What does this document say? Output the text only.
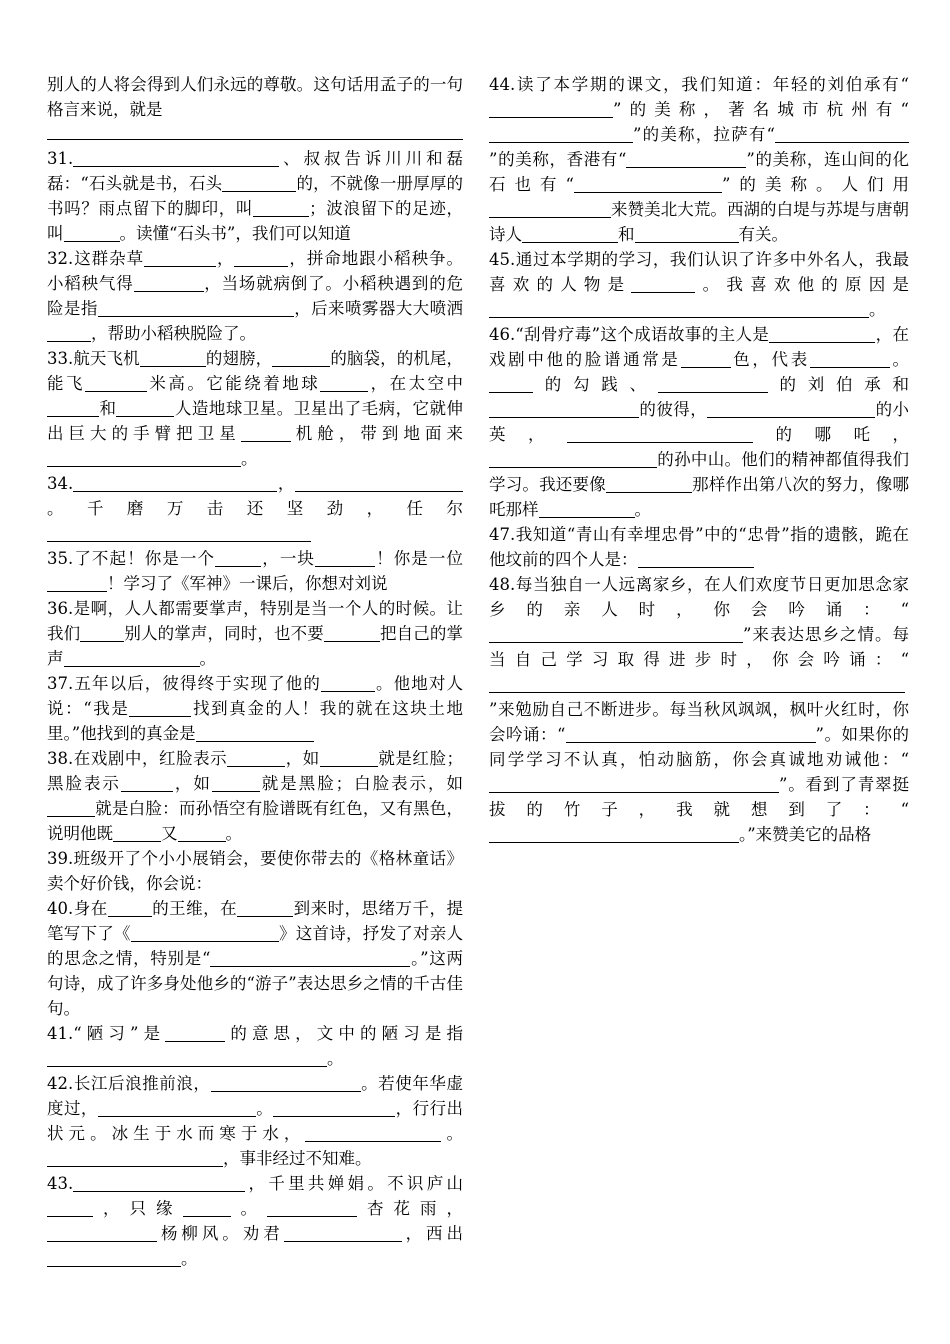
别人的人将会得到人们永远的尊敬。这句话用孟子的一句格言来说，就是

31.	、叔叔告诉川川和磊磊：“石头就是书，石头	的，不就像一册厚厚的书吗？雨点留下的脚印，叫	；波浪留下的足迹，叫	。读懂“石头书”，我们可以知道

32.这群杂草	，	，拼命地跟小稻秧争。小稻秧气得	，当场就病倒了。小稻秧遇到的危险是指	，后来喷雾器大大喷洒，帮助小稻秧脱险了。

33.航天飞机	的翅膀，	的脑袋，的机尾，能飞	米高。它能绕着地球	，在太空中和	人造地球卫星。卫星出了毛病，它就伸出巨大的手臂把卫星	机舱，带到地面来。

34.	，。千磨万击还坚劲，任尔

35.了不起！你是一个	，一块	！你是一位！学习了《军神》一课后，你想对刘说

36.是啊，人人都需要掌声，特别是当一个人的时候。让我们	别人的掌声，同时，也不要	把自己的掌声	。

37.五年以后，彼得终于实现了他的	。他地对人说：“我是	找到真金的人！我的就在这块土地里。”他找到的真金是

38.在戏剧中，红脸表示	，如	就是红脸；黑脸表示	，如	就是黑脸；白脸表示，如就是白脸：而孙悟空有脸谱既有红色，又有黑色，说明他既	又	。

39.班级开了个小小展销会，要使你带去的《格林童话》卖个好价钱，你会说：

40.身在	的王维，在	到来时，思绪万千，提笔写下了《	》这首诗，抒发了对亲人的思念之情，特别是“	。”这两句诗，成了许多身处他乡的“游子”表达思乡之情的千古佳句。

41.“陋习”是	的意思，文中的陋习是指。

42.长江后浪推前浪，	。若使年华虚度过，	。	，行行出状元。冰生于水而寒于水，	。，事非经过不知难。

43.	，千里共婵娟。不识庐山，只缘	。	杏花雨，杨柳风。劝君	，西出。

44.读了本学期的课文，我们知道：年轻的刘伯承有“”的美称，著名城市杭州有“”的美称，拉萨有“”的美称，香港有“	”的美称，连山间的化石也有“	”的美称。人们用来赞美北大荒。西湖的白堤与苏堤与唐朝诗人	和	有关。

45.通过本学期的学习，我们认识了许多中外名人，我最喜欢的人物是	。我喜欢他的原因是。

46.“刮骨疗毒”这个成语故事的主人是	，在戏剧中他的脸谱通常是	色，代表	。的勾践、	的刘伯承和的彼得，	的小英，	的哪吒，的孙中山。他们的精神都值得我们学习。我还要像	那样作出第八次的努力，像哪吒那样	。

47.我知道“青山有幸埋忠骨”中的“忠骨”指的遗骸，跪在他坟前的四个人是：

48.每当独自一人远离家乡，在人们欢度节日更加思念家乡的亲人时，你会吟诵：“”来表达思乡之情。每当自己学习取得进步时，你会吟诵：“”来勉励自己不断进步。每当秋风飒飒，枫叶火红时，你会吟诵：“	”。如果你的同学学习不认真，怕动脑筋，你会真诚地劝诫他：“”。看到了青翠挺拔的竹子，我就想到了：“。”来赞美它的品格
